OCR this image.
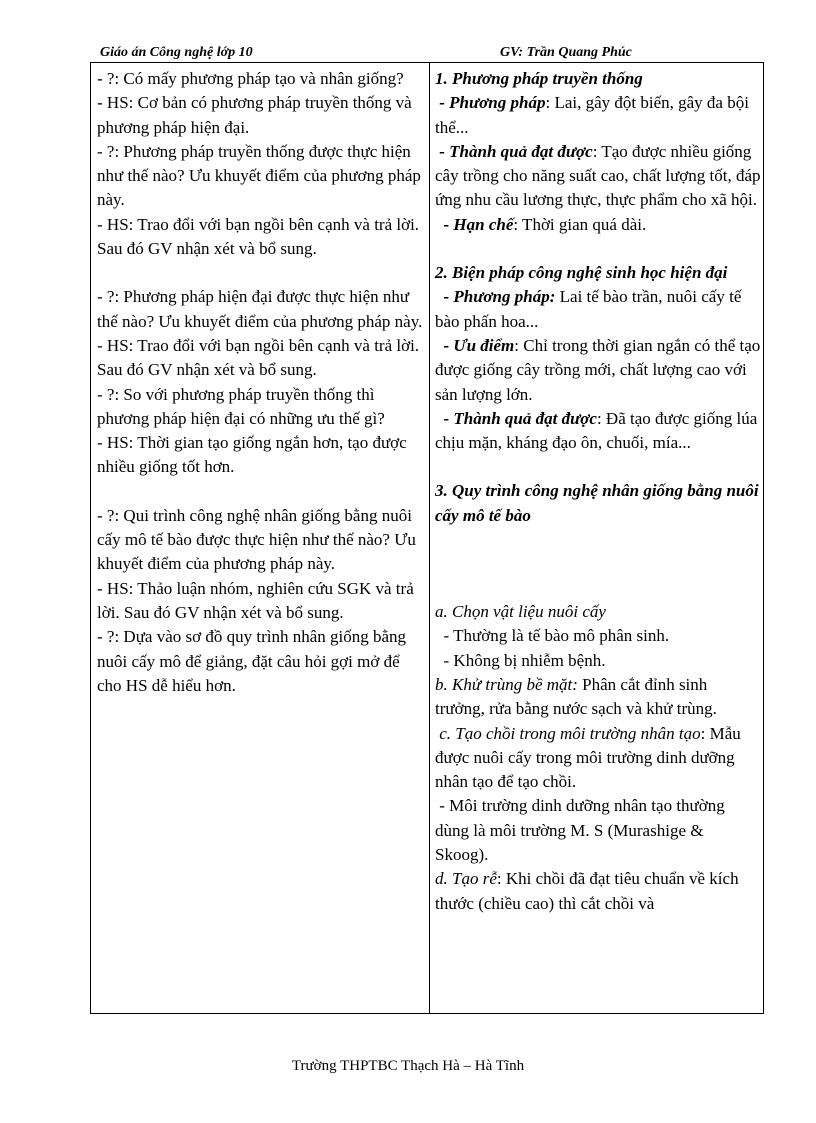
Giáo án Công nghệ lớp 10	GV: Trần Quang Phúc

- ?: Có mấy phương pháp tạo và nhân giống?

- HS: Cơ bản có phương pháp truyền thống và phương pháp hiện đại.

- ?: Phương pháp truyền thống được thực hiện như thế nào? Ưu khuyết điểm của phương pháp này.

- HS: Trao đổi với bạn ngồi bên cạnh và trả lời. Sau đó GV nhận xét và bổ sung.

- ?: Phương pháp hiện đại được thực hiện như thế nào? Ưu khuyết điểm của phương pháp này.

- HS: Trao đổi với bạn ngồi bên cạnh và trả lời. Sau đó GV nhận xét và bổ sung.

- ?: So với phương pháp truyền thống thì phương pháp hiện đại có những ưu thế gì?

- HS: Thời gian tạo giống ngắn hơn, tạo được nhiều giống tốt hơn.

- ?: Qui trình công nghệ nhân giống bằng nuôi cấy mô tế bào được thực hiện như thế nào? Ưu khuyết điểm của phương pháp này.

- HS: Thảo luận nhóm, nghiên cứu SGK và trả lời. Sau đó GV nhận xét và bổ sung.

- ?: Dựa vào sơ đồ quy trình nhân giống bằng nuôi cấy mô để giảng, đặt câu hỏi gợi mở để cho HS dễ hiểu hơn.

1. Phương pháp truyền thống

- Phương pháp: Lai, gây đột biến, gây đa bội thể...

- Thành quả đạt được: Tạo được nhiều giống cây trồng cho năng suất cao, chất lượng tốt, đáp ứng nhu cầu lương thực, thực phẩm cho xã hội.

- Hạn chế: Thời gian quá dài.

2. Biện pháp công nghệ sinh học hiện đại

- Phương pháp: Lai tế bào trần, nuôi cấy tế bào phấn hoa...

- Ưu điểm: Chỉ trong thời gian ngắn có thể tạo được giống cây trồng mới, chất lượng cao với sản lượng lớn.

- Thành quả đạt được: Đã tạo được giống lúa chịu mặn, kháng đạo ôn, chuối, mía...

3. Quy trình công nghệ nhân giống bằng nuôi cấy mô tế bào

a. Chọn vật liệu nuôi cấy

- Thường là tế bào mô phân sinh.

- Không bị nhiễm bệnh.

b. Khử trùng bề mặt: Phân cắt đỉnh sinh trưởng, rửa bằng nước sạch và khử trùng.

c. Tạo chồi trong môi trường nhân tạo: Mẫu được nuôi cấy trong môi trường dinh dưỡng nhân tạo để tạo chồi.

- Môi trường dinh dưỡng nhân tạo thường dùng là môi trường M. S (Murashige & Skoog).

d. Tạo rễ: Khi chồi đã đạt tiêu chuẩn về kích thước (chiều cao) thì cắt chồi và

Trường THPTBC Thạch Hà – Hà Tĩnh
